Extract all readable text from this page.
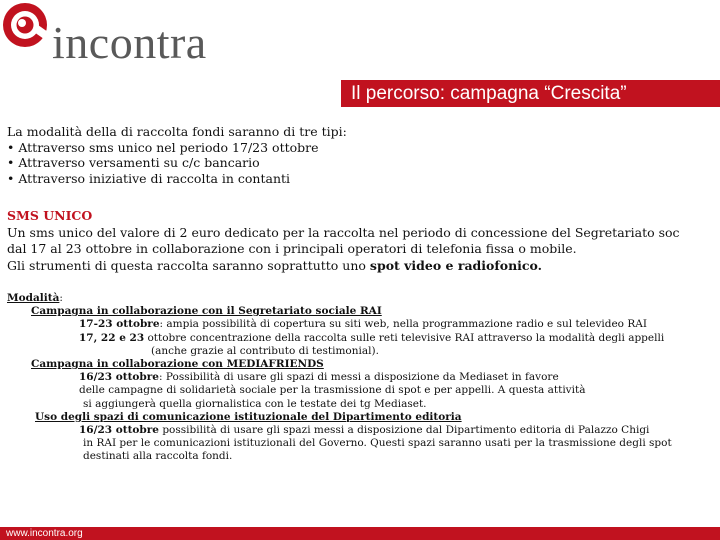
incontra
Il percorso: campagna “Crescita”
La modalità della di raccolta fondi saranno di tre tipi:
• Attraverso sms unico nel periodo 17/23 ottobre
• Attraverso versamenti su c/c bancario
• Attraverso iniziative di raccolta in contanti
SMS UNICO
Un sms unico del valore di 2 euro dedicato per la raccolta nel periodo di concessione del Segretariato soc
dal 17 al 23 ottobre in collaborazione con i principali operatori di telefonia fissa o mobile.
Gli strumenti di questa raccolta saranno soprattutto uno spot video e radiofonico.
Modalità:
Campagna in collaborazione con il Segretariato sociale RAI
17-23 ottobre: ampia possibilità di copertura su siti web, nella programmazione radio e sul televideo RAI
17, 22 e 23 ottobre concentrazione della raccolta sulle reti televisive RAI attraverso la modalità degli appelli
(anche grazie al contributo di testimonial).
Campagna in collaborazione con MEDIAFRIENDS
16/23 ottobre: Possibilità di usare gli spazi di messi a disposizione da Mediaset in favore
delle campagne di solidarietà sociale per la trasmissione di spot e per appelli. A questa attività
si aggiungerà quella giornalistica con le testate dei tg Mediaset.
Uso degli spazi di comunicazione istituzionale del Dipartimento editoria
16/23 ottobre possibilità di usare gli spazi messi a disposizione dal Dipartimento editoria di Palazzo Chigi
in RAI per le comunicazioni istituzionali del Governo. Questi spazi saranno usati per la trasmissione degli spot
destinati alla raccolta fondi.
www.incontra.org
